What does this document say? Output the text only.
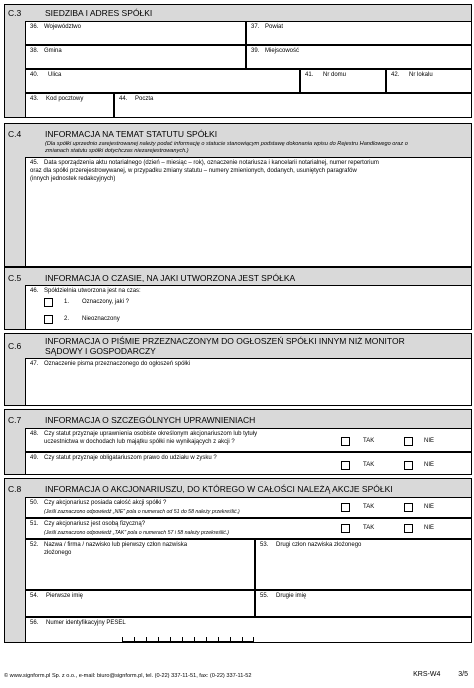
C.3	SIEDZIBA I ADRES SPÓŁKI
36. Województwo	37. Powiat
38. Gmina	39. Miejscowość
40. Ulica	41. Nr domu	42. Nr lokalu
43. Kod pocztowy	44. Poczta
C.4	INFORMACJA NA TEMAT STATUTU SPÓŁKI
(Dla spółki uprzednio zarejestrowanej należy podać informację o statucie stanowiącym podstawę dokonania wpisu do Rejestru Handlowego oraz o
zmianach statutu spółki dotychczas niezarejestrowanych.)
45. Data sporządzenia aktu notarialnego (dzień – miesiąc – rok), oznaczenie notariusza i kancelarii notarialnej, numer repertorium
oraz dla spółki przerejestrowywanej, w przypadku zmiany statutu – numery zmienionych, dodanych, usuniętych paragrafów
(innych jednostek redakcyjnych)
C.5	INFORMACJA O CZASIE, NA JAKI UTWORZONA JEST SPÓŁKA
46. Spółdzielnia utworzona jest na czas:
1. Oznaczony, jaki ?
2. Nieoznaczony
C.6	INFORMACJA O PIŚMIE PRZEZNACZONYM DO OGŁOSZEŃ SPÓŁKI INNYM NIŻ MONITOR
SĄDOWY I GOSPODARCZY
47. Oznaczenie pisma przeznaczonego do ogłoszeń spółki
C.7	INFORMACJA O SZCZEGÓLNYCH UPRAWNIENIACH
48. Czy statut przyznaje uprawnienia osobiste określonym akcjonariuszom lub tytuły
uczestnictwa w dochodach lub majątku spółki nie wynikających z akcji ?	TAK	NIE
49. Czy statut przyznaje obligatariuszom prawo do udziału w zysku ?
TAK	NIE
C.8	INFORMACJA O AKCJONARIUSZU, DO KTÓREGO W CAŁOŚCI NALEŻĄ AKCJE SPÓŁKI
50. Czy akcjonariusz posiada całość akcji spółki ?
(Jeśli zaznaczono odpowiedź „NIE” pola o numerach od 51 do 58 należy przekreślić.)
TAK	NIE
51. Czy akcjonariusz jest osobą fizyczną?
(Jeśli zaznaczono odpowiedź „TAK” pola o numerach 57 i 58 należy przekreślić.)
TAK	NIE
52. Nazwa / firma / nazwisko lub pierwszy człon nazwiska
złożonego
53. Drugi człon nazwiska złożonego
54. Pierwsze imię	55. Drugie imię
56. Numer identyfikacyjny PESEL
© www.signform.pl Sp. z o.o., e-mail: biuro@signform.pl, tel. (0-22) 337-11-51, fax: (0-22) 337-11-52	KRS-W4	3/5
